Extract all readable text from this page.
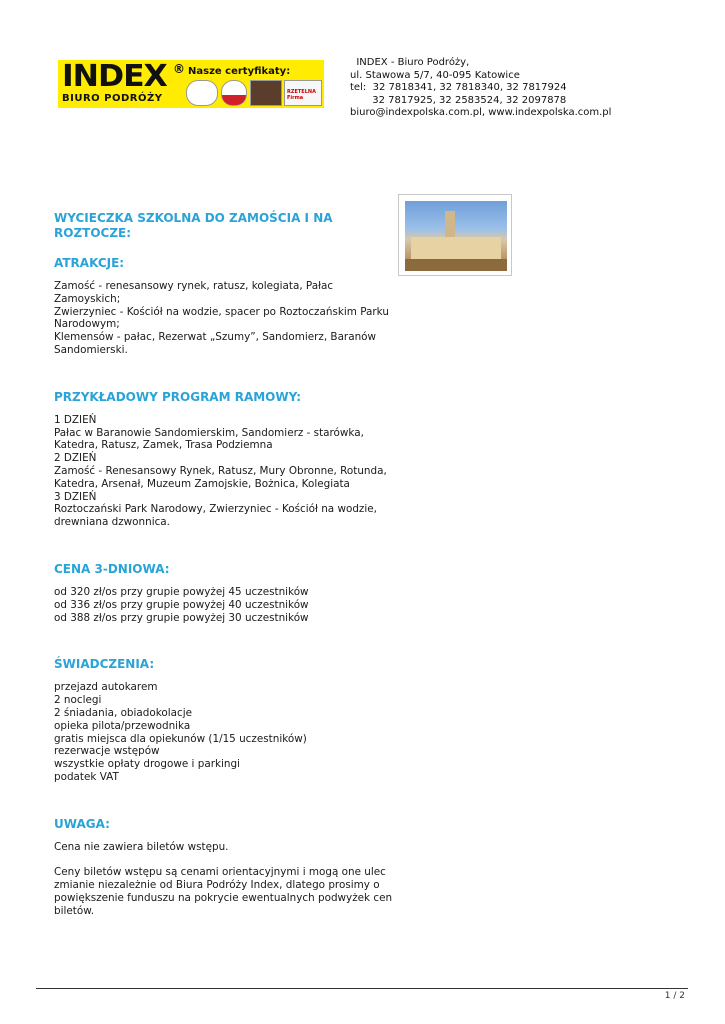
INDEX ®
BIURO PODRÓŻY
Nasze certyfikaty:
RZETELNA Firma
INDEX - Biuro Podróży,
ul. Stawowa 5/7, 40-095 Katowice
tel:  32 7818341, 32 7818340, 32 7817924
32 7817925, 32 2583524, 32 2097878
biuro@indexpolska.com.pl, www.indexpolska.com.pl
WYCIECZKA SZKOLNA DO ZAMOŚCIA I NA ROZTOCZE:
ATRAKCJE:
Zamość - renesansowy rynek, ratusz, kolegiata, Pałac Zamoyskich;
Zwierzyniec - Kościół na wodzie, spacer po Roztoczańskim Parku Narodowym;
Klemensów - pałac, Rezerwat „Szumy”, Sandomierz, Baranów Sandomierski.
PRZYKŁADOWY PROGRAM RAMOWY:
1 DZIEŃ
Pałac w Baranowie Sandomierskim, Sandomierz - starówka, Katedra, Ratusz, Zamek, Trasa Podziemna
2 DZIEŃ
Zamość - Renesansowy Rynek, Ratusz, Mury Obronne, Rotunda, Katedra, Arsenał, Muzeum Zamojskie, Bożnica, Kolegiata
3 DZIEŃ
Roztoczański Park Narodowy, Zwierzyniec - Kościół na wodzie, drewniana dzwonnica.
CENA 3-DNIOWA:
od 320 zł/os przy grupie powyżej 45 uczestników
od 336 zł/os przy grupie powyżej 40 uczestników
od 388 zł/os przy grupie powyżej 30 uczestników
ŚWIADCZENIA:
przejazd autokarem
2 noclegi
2 śniadania, obiadokolacje
opieka pilota/przewodnika
gratis miejsca dla opiekunów (1/15 uczestników)
rezerwacje wstępów
wszystkie opłaty drogowe i parkingi
podatek VAT
UWAGA:
Cena nie zawiera biletów wstępu.
Ceny biletów wstępu są cenami orientacyjnymi i mogą one ulec zmianie niezależnie od Biura Podróży Index, dlatego prosimy o powiększenie funduszu na pokrycie ewentualnych podwyżek cen biletów.
1 / 2
